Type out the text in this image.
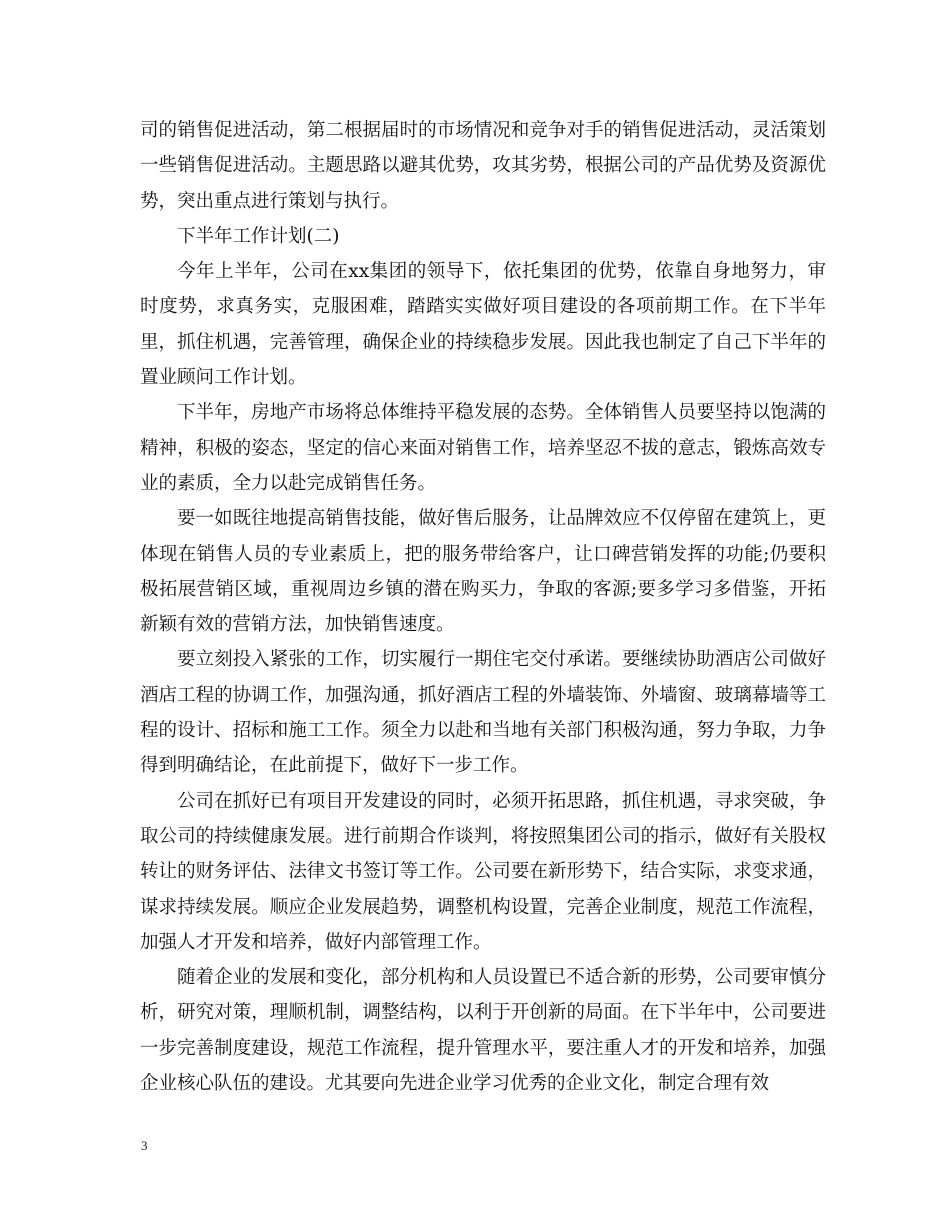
司的销售促进活动，第二根据届时的市场情况和竞争对手的销售促进活动，灵活策划一些销售促进活动。主题思路以避其优势，攻其劣势，根据公司的产品优势及资源优势，突出重点进行策划与执行。

下半年工作计划(二)

今年上半年，公司在xx集团的领导下，依托集团的优势，依靠自身地努力，审时度势，求真务实，克服困难，踏踏实实做好项目建设的各项前期工作。在下半年里，抓住机遇，完善管理，确保企业的持续稳步发展。因此我也制定了自己下半年的置业顾问工作计划。

下半年，房地产市场将总体维持平稳发展的态势。全体销售人员要坚持以饱满的精神，积极的姿态，坚定的信心来面对销售工作，培养坚忍不拔的意志，锻炼高效专业的素质，全力以赴完成销售任务。

要一如既往地提高销售技能，做好售后服务，让品牌效应不仅停留在建筑上，更体现在销售人员的专业素质上，把的服务带给客户，让口碑营销发挥的功能;仍要积极拓展营销区域，重视周边乡镇的潜在购买力，争取的客源;要多学习多借鉴，开拓新颖有效的营销方法，加快销售速度。

要立刻投入紧张的工作，切实履行一期住宅交付承诺。要继续协助酒店公司做好酒店工程的协调工作，加强沟通，抓好酒店工程的外墙装饰、外墙窗、玻璃幕墙等工程的设计、招标和施工工作。须全力以赴和当地有关部门积极沟通，努力争取，力争得到明确结论，在此前提下，做好下一步工作。

公司在抓好已有项目开发建设的同时，必须开拓思路，抓住机遇，寻求突破，争取公司的持续健康发展。进行前期合作谈判，将按照集团公司的指示，做好有关股权转让的财务评估、法律文书签订等工作。公司要在新形势下，结合实际，求变求通，谋求持续发展。顺应企业发展趋势，调整机构设置，完善企业制度，规范工作流程，加强人才开发和培养，做好内部管理工作。

随着企业的发展和变化，部分机构和人员设置已不适合新的形势，公司要审慎分析，研究对策，理顺机制，调整结构，以利于开创新的局面。在下半年中，公司要进一步完善制度建设，规范工作流程，提升管理水平，要注重人才的开发和培养，加强企业核心队伍的建设。尤其要向先进企业学习优秀的企业文化，制定合理有效

3
